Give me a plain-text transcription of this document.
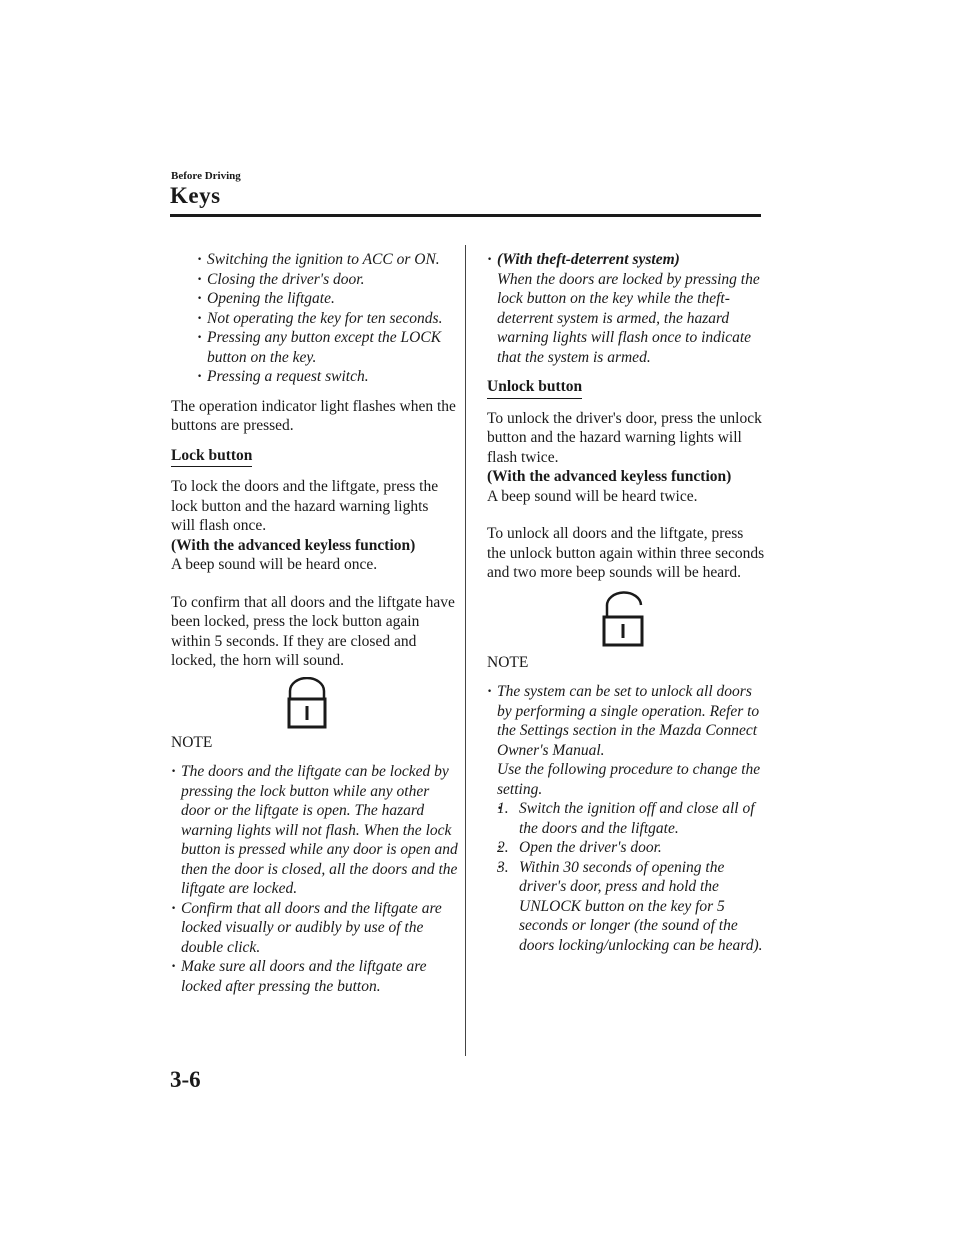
Before Driving
Keys
· Switching the ignition to ACC or ON.
· Closing the driver's door.
· Opening the liftgate.
· Not operating the key for ten seconds.
· Pressing any button except the LOCK button on the key.
· Pressing a request switch.

The operation indicator light flashes when the buttons are pressed.

Lock button

To lock the doors and the liftgate, press the lock button and the hazard warning lights will flash once.

(With the advanced keyless function)

A beep sound will be heard once.

To confirm that all doors and the liftgate have been locked, press the lock button again within 5 seconds. If they are closed and locked, the horn will sound.

NOTE

· The doors and the liftgate can be locked by pressing the lock button while any other door or the liftgate is open. The hazard warning lights will not flash. When the lock button is pressed while any door is open and then the door is closed, all the doors and the liftgate are locked.
· Confirm that all doors and the liftgate are locked visually or audibly by use of the double click.
· Make sure all doors and the liftgate are locked after pressing the button.
· (With theft-deterrent system)
When the doors are locked by pressing the lock button on the key while the theft-deterrent system is armed, the hazard warning lights will flash once to indicate that the system is armed.
Unlock button

To unlock the driver's door, press the unlock button and the hazard warning lights will flash twice.

(With the advanced keyless function)

A beep sound will be heard twice.

To unlock all doors and the liftgate, press the unlock button again within three seconds and two more beep sounds will be heard.

NOTE

· The system can be set to unlock all doors by performing a single operation. Refer to the Settings section in the Mazda Connect Owner's Manual.
Use the following procedure to change the setting.
· 1. Switch the ignition off and close all of the doors and the liftgate.
· 2. Open the driver's door.
· 3. Within 30 seconds of opening the driver's door, press and hold the UNLOCK button on the key for 5 seconds or longer (the sound of the doors locking/unlocking can be heard).
3-6
